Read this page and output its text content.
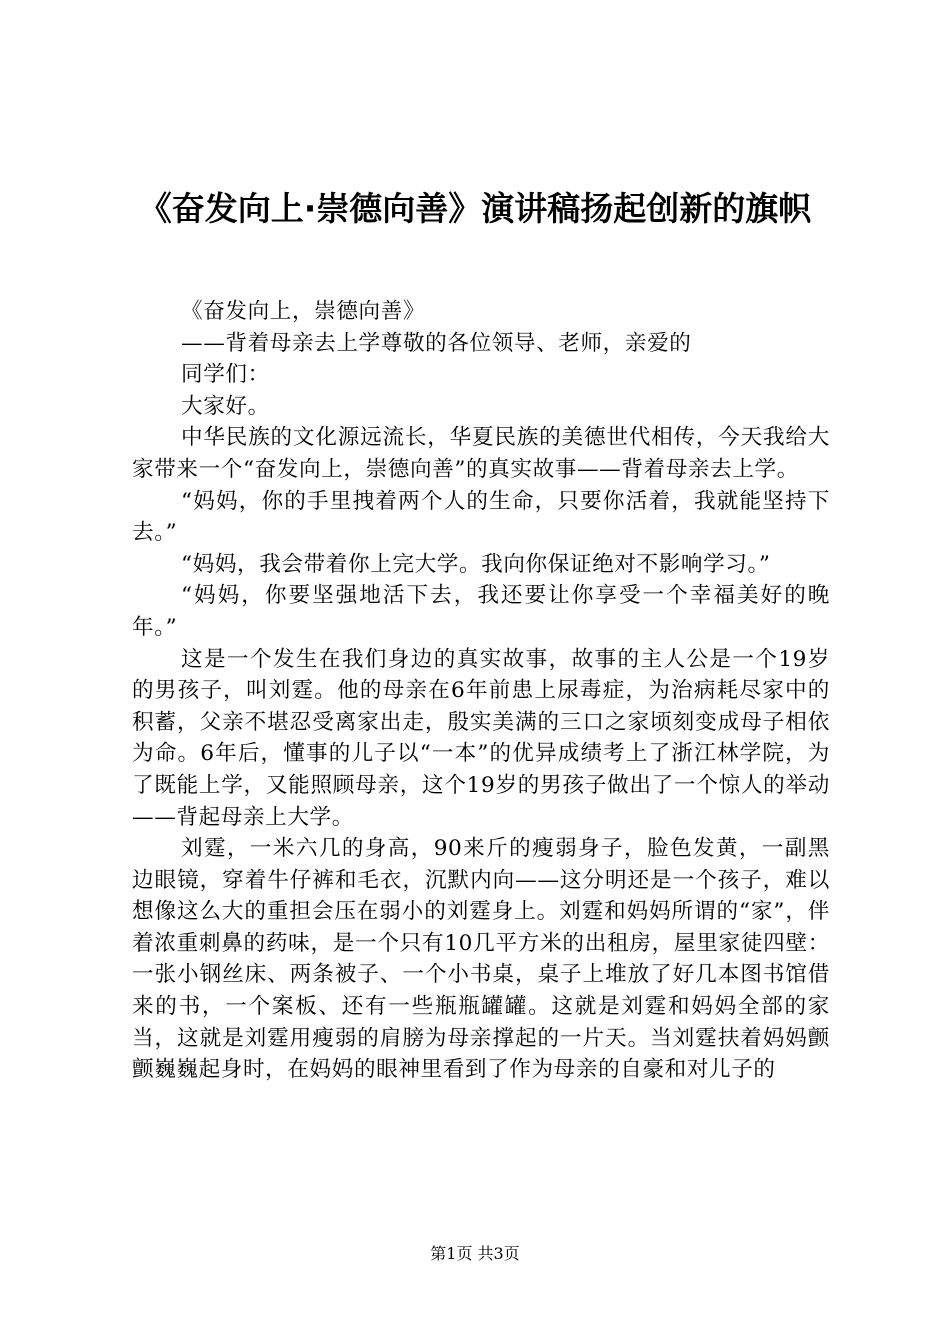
《奋发向上·崇德向善》演讲稿扬起创新的旗帜

《奋发向上，崇德向善》

——背着母亲去上学尊敬的各位领导、老师，亲爱的

同学们：

大家好。

中华民族的文化源远流长，华夏民族的美德世代相传，今天我给大家带来一个“奋发向上，崇德向善”的真实故事——背着母亲去上学。

“妈妈，你的手里拽着两个人的生命，只要你活着，我就能坚持下去。”

“妈妈，我会带着你上完大学。我向你保证绝对不影响学习。”

“妈妈，你要坚强地活下去，我还要让你享受一个幸福美好的晚年。”

这是一个发生在我们身边的真实故事，故事的主人公是一个19岁的男孩子，叫刘霆。他的母亲在6年前患上尿毒症，为治病耗尽家中的积蓄，父亲不堪忍受离家出走，殷实美满的三口之家顷刻变成母子相依为命。6年后，懂事的儿子以“一本”的优异成绩考上了浙江林学院，为了既能上学，又能照顾母亲，这个19岁的男孩子做出了一个惊人的举动——背起母亲上大学。

刘霆，一米六几的身高，90来斤的瘦弱身子，脸色发黄，一副黑边眼镜，穿着牛仔裤和毛衣，沉默内向——这分明还是一个孩子，难以想像这么大的重担会压在弱小的刘霆身上。刘霆和妈妈所谓的“家”，伴着浓重刺鼻的药味，是一个只有10几平方米的出租房，屋里家徒四壁：一张小钢丝床、两条被子、一个小书桌，桌子上堆放了好几本图书馆借来的书，一个案板、还有一些瓶瓶罐罐。这就是刘霆和妈妈全部的家当，这就是刘霆用瘦弱的肩膀为母亲撑起的一片天。当刘霆扶着妈妈颤颤巍巍起身时，在妈妈的眼神里看到了作为母亲的自豪和对儿子的

第1页 共3页
